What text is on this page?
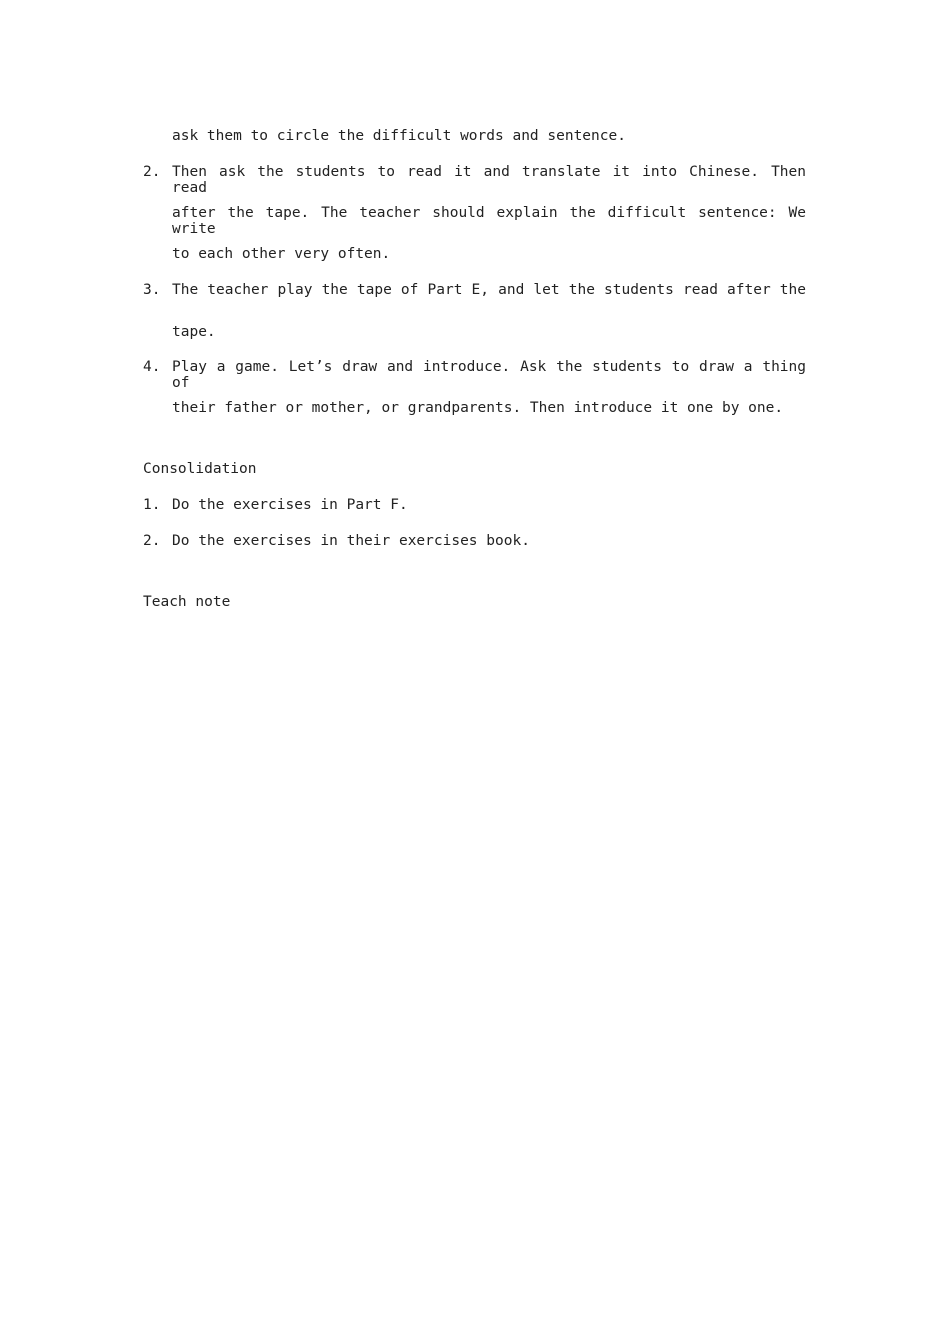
ask them to circle the difficult words and sentence.
2. Then ask the students to read it and translate it into Chinese. Then read
after the tape. The teacher should explain the difficult sentence: We write
to each other very often.
3. The teacher play the tape of Part E, and let the students read after the
tape.
4. Play a game. Let’s draw and introduce. Ask the students to draw a thing of
their father or mother, or grandparents. Then introduce it one by one.
Consolidation
1. Do the exercises in Part F.
2. Do the exercises in their exercises book.
Teach note
